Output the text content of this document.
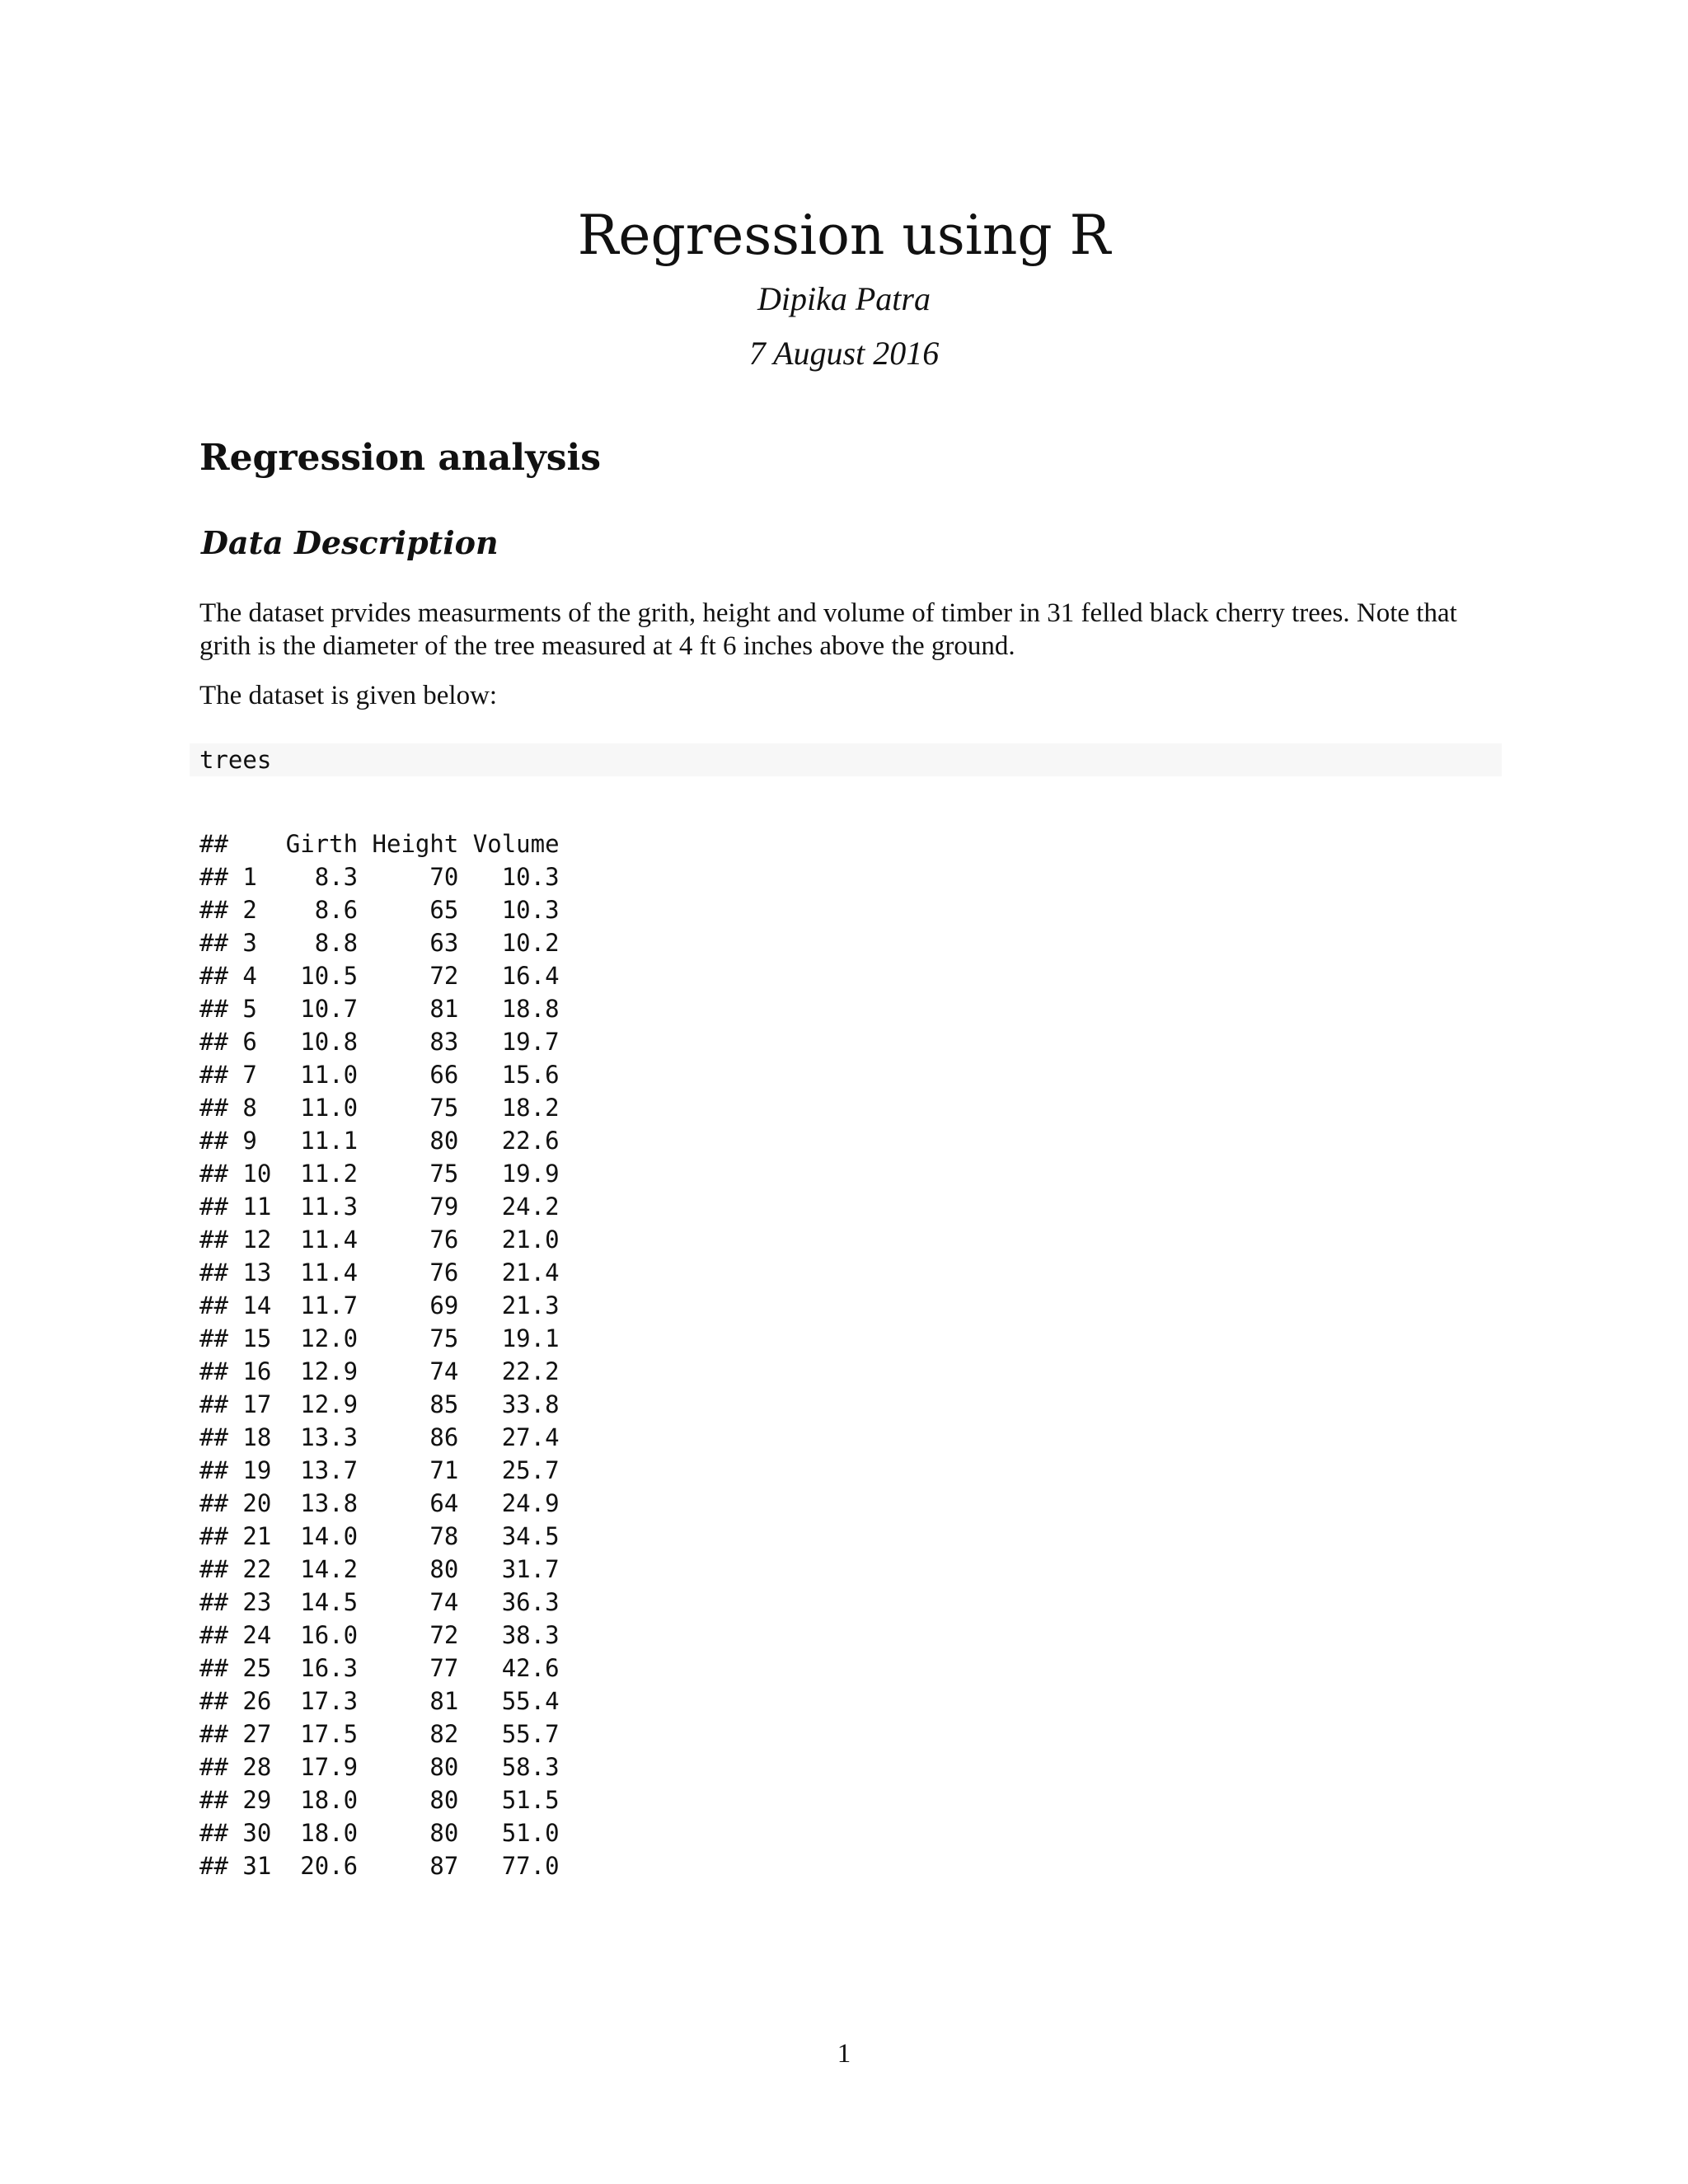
Regression using R
Dipika Patra
7 August 2016
Regression analysis
Data Description

The dataset prvides measurments of the grith, height and volume of timber in 31 felled black cherry trees. Note that grith is the diameter of the tree measured at 4 ft 6 inches above the ground.

The dataset is given below:

trees
## Girth Height Volume
## 1    8.3     70   10.3
## 2    8.6     65   10.3
## 3    8.8     63   10.2
## 4   10.5     72   16.4
## 5   10.7     81   18.8
## 6   10.8     83   19.7
## 7   11.0     66   15.6
## 8   11.0     75   18.2
## 9   11.1     80   22.6
## 10  11.2     75   19.9
## 11  11.3     79   24.2
## 12  11.4     76   21.0
## 13  11.4     76   21.4
## 14  11.7     69   21.3
## 15  12.0     75   19.1
## 16  12.9     74   22.2
## 17  12.9     85   33.8
## 18  13.3     86   27.4
## 19  13.7     71   25.7
## 20  13.8     64   24.9
## 21  14.0     78   34.5
## 22  14.2     80   31.7
## 23  14.5     74   36.3
## 24  16.0     72   38.3
## 25  16.3     77   42.6
## 26  17.3     81   55.4
## 27  17.5     82   55.7
## 28  17.9     80   58.3
## 29  18.0     80   51.5
## 30  18.0     80   51.0
## 31  20.6     87   77.0
1
